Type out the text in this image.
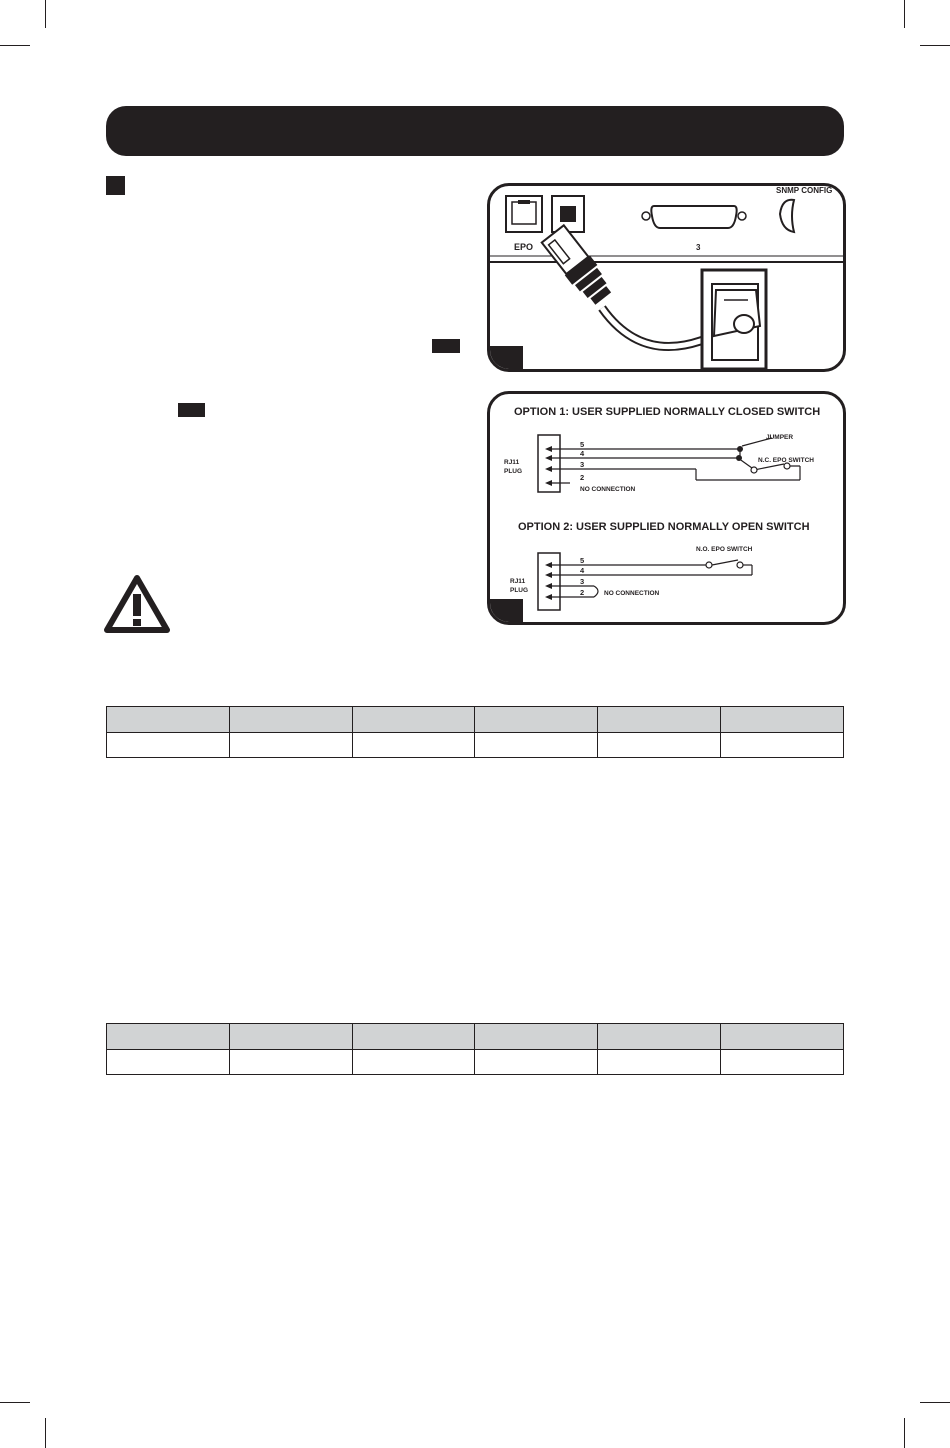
EPO	3
SNMP CONFIG
OPTION 1: USER SUPPLIED NORMALLY CLOSED SWITCH
RJ11
PLUG
5
4
3
2
NO CONNECTION
JUMPER
N.C. EPO SWITCH
OPTION 2: USER SUPPLIED NORMALLY OPEN SWITCH
RJ11
PLUG
5
4
3
2	NO CONNECTION
N.O. EPO SWITCH
